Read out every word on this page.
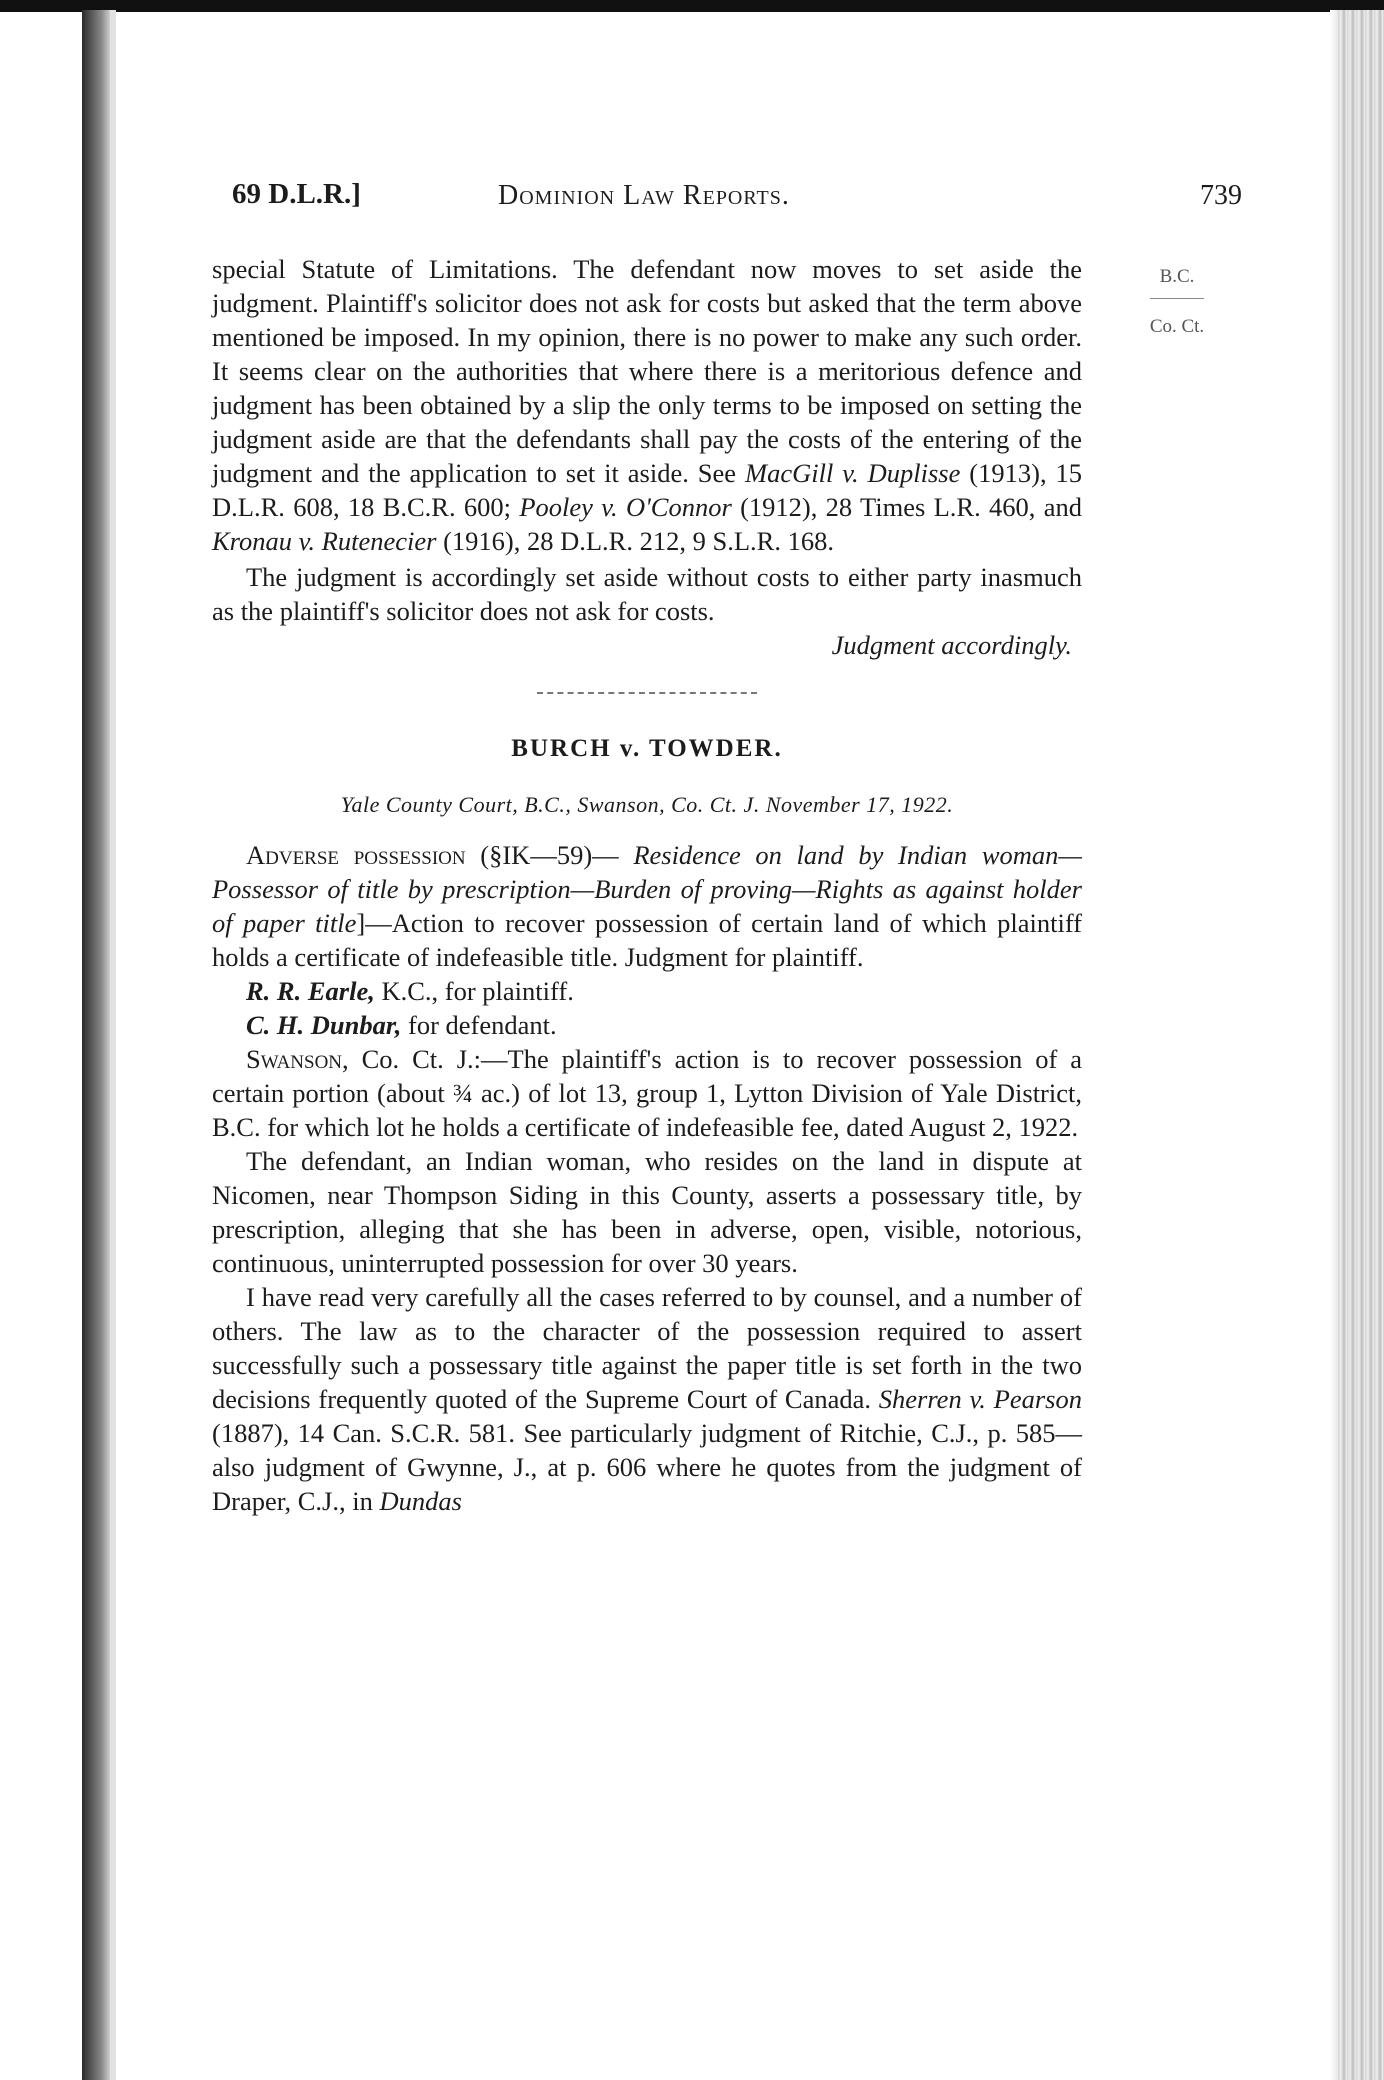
69 D.L.R.]	Dominion Law Reports.	739
B.C.
Co. Ct.

special Statute of Limitations. The defendant now moves to set aside the judgment. Plaintiff's solicitor does not ask for costs but asked that the term above mentioned be imposed. In my opinion, there is no power to make any such order. It seems clear on the authorities that where there is a meritorious defence and judgment has been obtained by a slip the only terms to be imposed on setting the judgment aside are that the defendants shall pay the costs of the entering of the judgment and the application to set it aside. See MacGill v. Duplisse (1913), 15 D.L.R. 608, 18 B.C.R. 600; Pooley v. O'Connor (1912), 28 Times L.R. 460, and Kronau v. Rutenecier (1916), 28 D.L.R. 212, 9 S.L.R. 168.

The judgment is accordingly set aside without costs to either party inasmuch as the plaintiff's solicitor does not ask for costs.

Judgment accordingly.

BURCH v. TOWDER.

Yale County Court, B.C., Swanson, Co. Ct. J. November 17, 1922.

Adverse possession (§IK—59)— Residence on land by Indian woman—Possessor of title by prescription—Burden of proving—Rights as against holder of paper title]—Action to recover possession of certain land of which plaintiff holds a certificate of indefeasible title. Judgment for plaintiff.

R. R. Earle, K.C., for plaintiff.

C. H. Dunbar, for defendant.

Swanson, Co. Ct. J.:—The plaintiff's action is to recover possession of a certain portion (about ¾ ac.) of lot 13, group 1, Lytton Division of Yale District, B.C. for which lot he holds a certificate of indefeasible fee, dated August 2, 1922.

The defendant, an Indian woman, who resides on the land in dispute at Nicomen, near Thompson Siding in this County, asserts a possessary title, by prescription, alleging that she has been in adverse, open, visible, notorious, continuous, uninterrupted possession for over 30 years.

I have read very carefully all the cases referred to by counsel, and a number of others. The law as to the character of the possession required to assert successfully such a possessary title against the paper title is set forth in the two decisions frequently quoted of the Supreme Court of Canada. Sherren v. Pearson (1887), 14 Can. S.C.R. 581. See particularly judgment of Ritchie, C.J., p. 585—also judgment of Gwynne, J., at p. 606 where he quotes from the judgment of Draper, C.J., in Dundas
